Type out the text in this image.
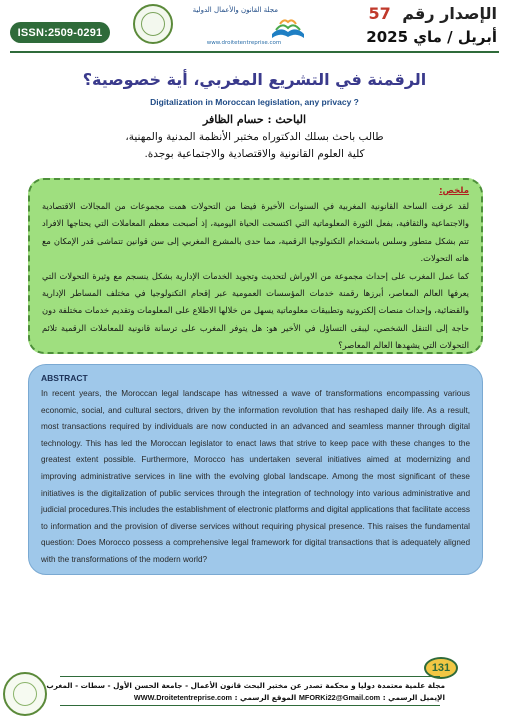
ISSN:2509-0291
مجلة القانون والأعمال الدولية
www.droitetentreprise.com
الإصدار رقم 57
أبريل / ماي 2025
الرقمنة في التشريع المغربي، أية خصوصية؟
Digitalization in Moroccan legislation, any privacy ?
الباحث : حسام الظافر
طالب باحث بسلك الدكتوراه مختبر الأنظمة المدنية والمهنية،
كلية العلوم القانونية والاقتصادية والاجتماعية بوجدة.
ملخص:

لقد عرفت الساحة القانونية المغربية في السنوات الأخيرة فيضا من التحولات همت مجموعات من المجالات الاقتصادية والاجتماعية والثقافية، بفعل الثورة المعلوماتية التي اكتسحت الحياة اليومية، إذ أصبحت معظم المعاملات التي يحتاجها الافراد تتم بشكل متطور وسلس باستخدام التكنولوجيا الرقمية، مما حدى بالمشرع المغربي إلى سن قوانين تتماشى قدر الإمكان مع هاته التحولات.

كما عمل المغرب على إحداث مجموعة من الاوراش لتحديث وتجويد الخدمات الإدارية بشكل ينسجم مع وثيرة التحولات التي يعرفها العالم المعاصر، أبرزها رقمنة خدمات المؤسسات العمومية عبر إقحام التكنولوجيا في مختلف المساطر الإدارية والقضائية، وإحداث منصات إلكترونية وتطبيقات معلوماتية يسهل من خلالها الاطلاع على المعلومات وتقديم خدمات مختلفة دون حاجة إلى التنقل الشخصي، ليبقى التساؤل في الأخير هو: هل يتوفر المغرب على ترسانة قانونية للمعاملات الرقمية تلائم التحولات التي يشهدها العالم المعاصر؟

ABSTRACT

In recent years, the Moroccan legal landscape has witnessed a wave of transformations encompassing various economic, social, and cultural sectors, driven by the information revolution that has reshaped daily life. As a result, most transactions required by individuals are now conducted in an advanced and seamless manner through digital technology. This has led the Moroccan legislator to enact laws that strive to keep pace with these changes to the greatest extent possible. Furthermore, Morocco has undertaken several initiatives aimed at modernizing and improving administrative services in line with the evolving global landscape. Among the most significant of these initiatives is the digitalization of public services through the integration of technology into various administrative and judicial procedures.This includes the establishment of electronic platforms and digital applications that facilitate access to information and the provision of diverse services without requiring physical presence. This raises the fundamental question: Does Morocco possess a comprehensive legal framework for digital transactions that is adequately aligned with the transformations of the modern world?

131
مجلة علمية معتمدة دوليا و محكمة تصدر عن مختبر البحث قانون الأعمال - جامعة الحسن الأول - سطات - المغرب
الإيميل الرسمي : MFORKi22@Gmail.com الموقع الرسمي : WWW.Droitetentreprise.com
